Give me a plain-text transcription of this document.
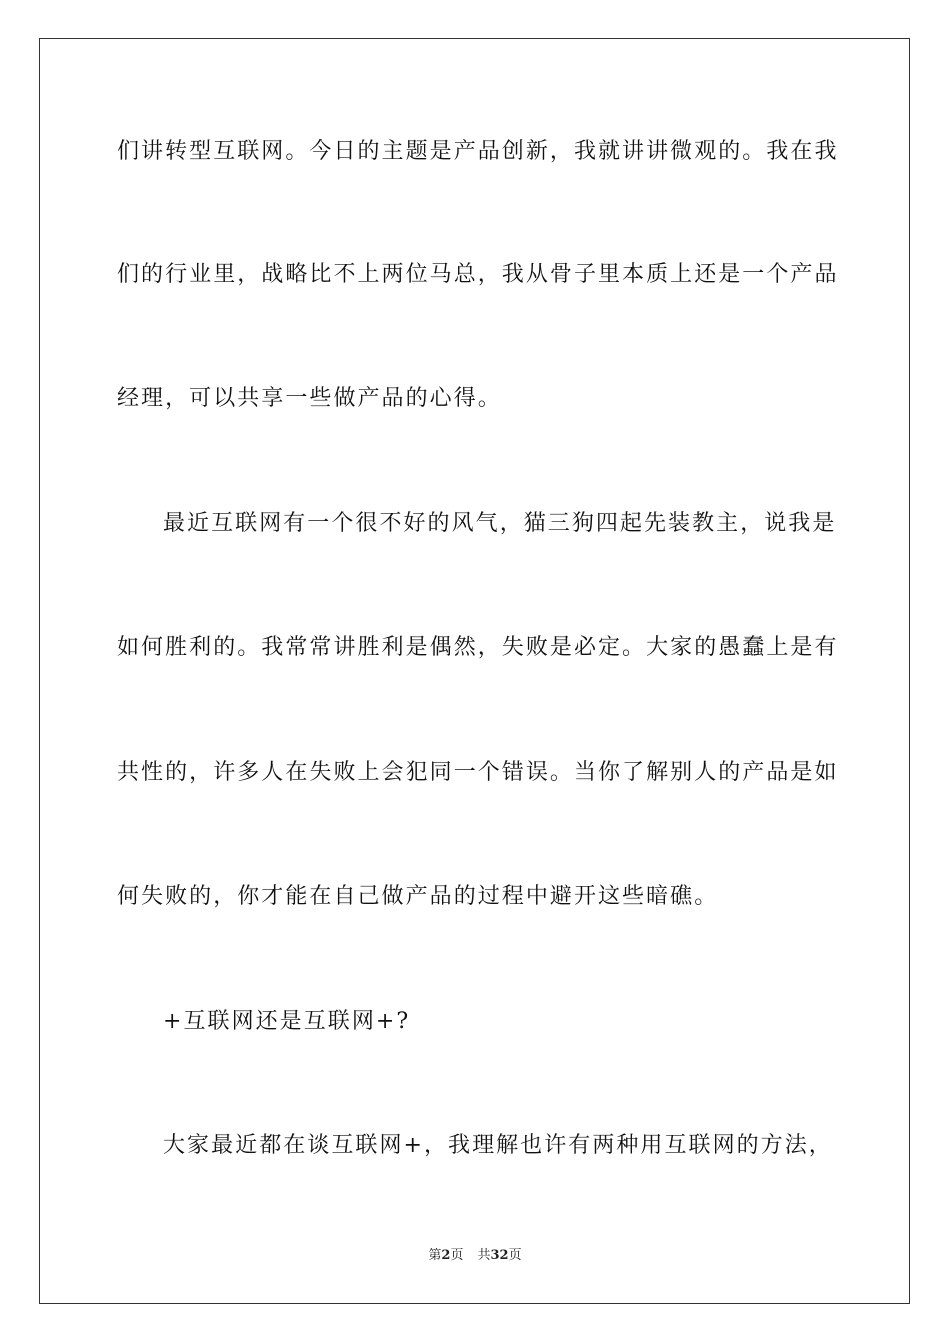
们讲转型互联网。今日的主题是产品创新，我就讲讲微观的。我在我
们的行业里，战略比不上两位马总，我从骨子里本质上还是一个产品
经理，可以共享一些做产品的心得。
最近互联网有一个很不好的风气，猫三狗四起先装教主，说我是
如何胜利的。我常常讲胜利是偶然，失败是必定。大家的愚蠢上是有
共性的，许多人在失败上会犯同一个错误。当你了解别人的产品是如
何失败的，你才能在自己做产品的过程中避开这些暗礁。
+互联网还是互联网+?
大家最近都在谈互联网+，我理解也许有两种用互联网的方法，
第2页 共32页
